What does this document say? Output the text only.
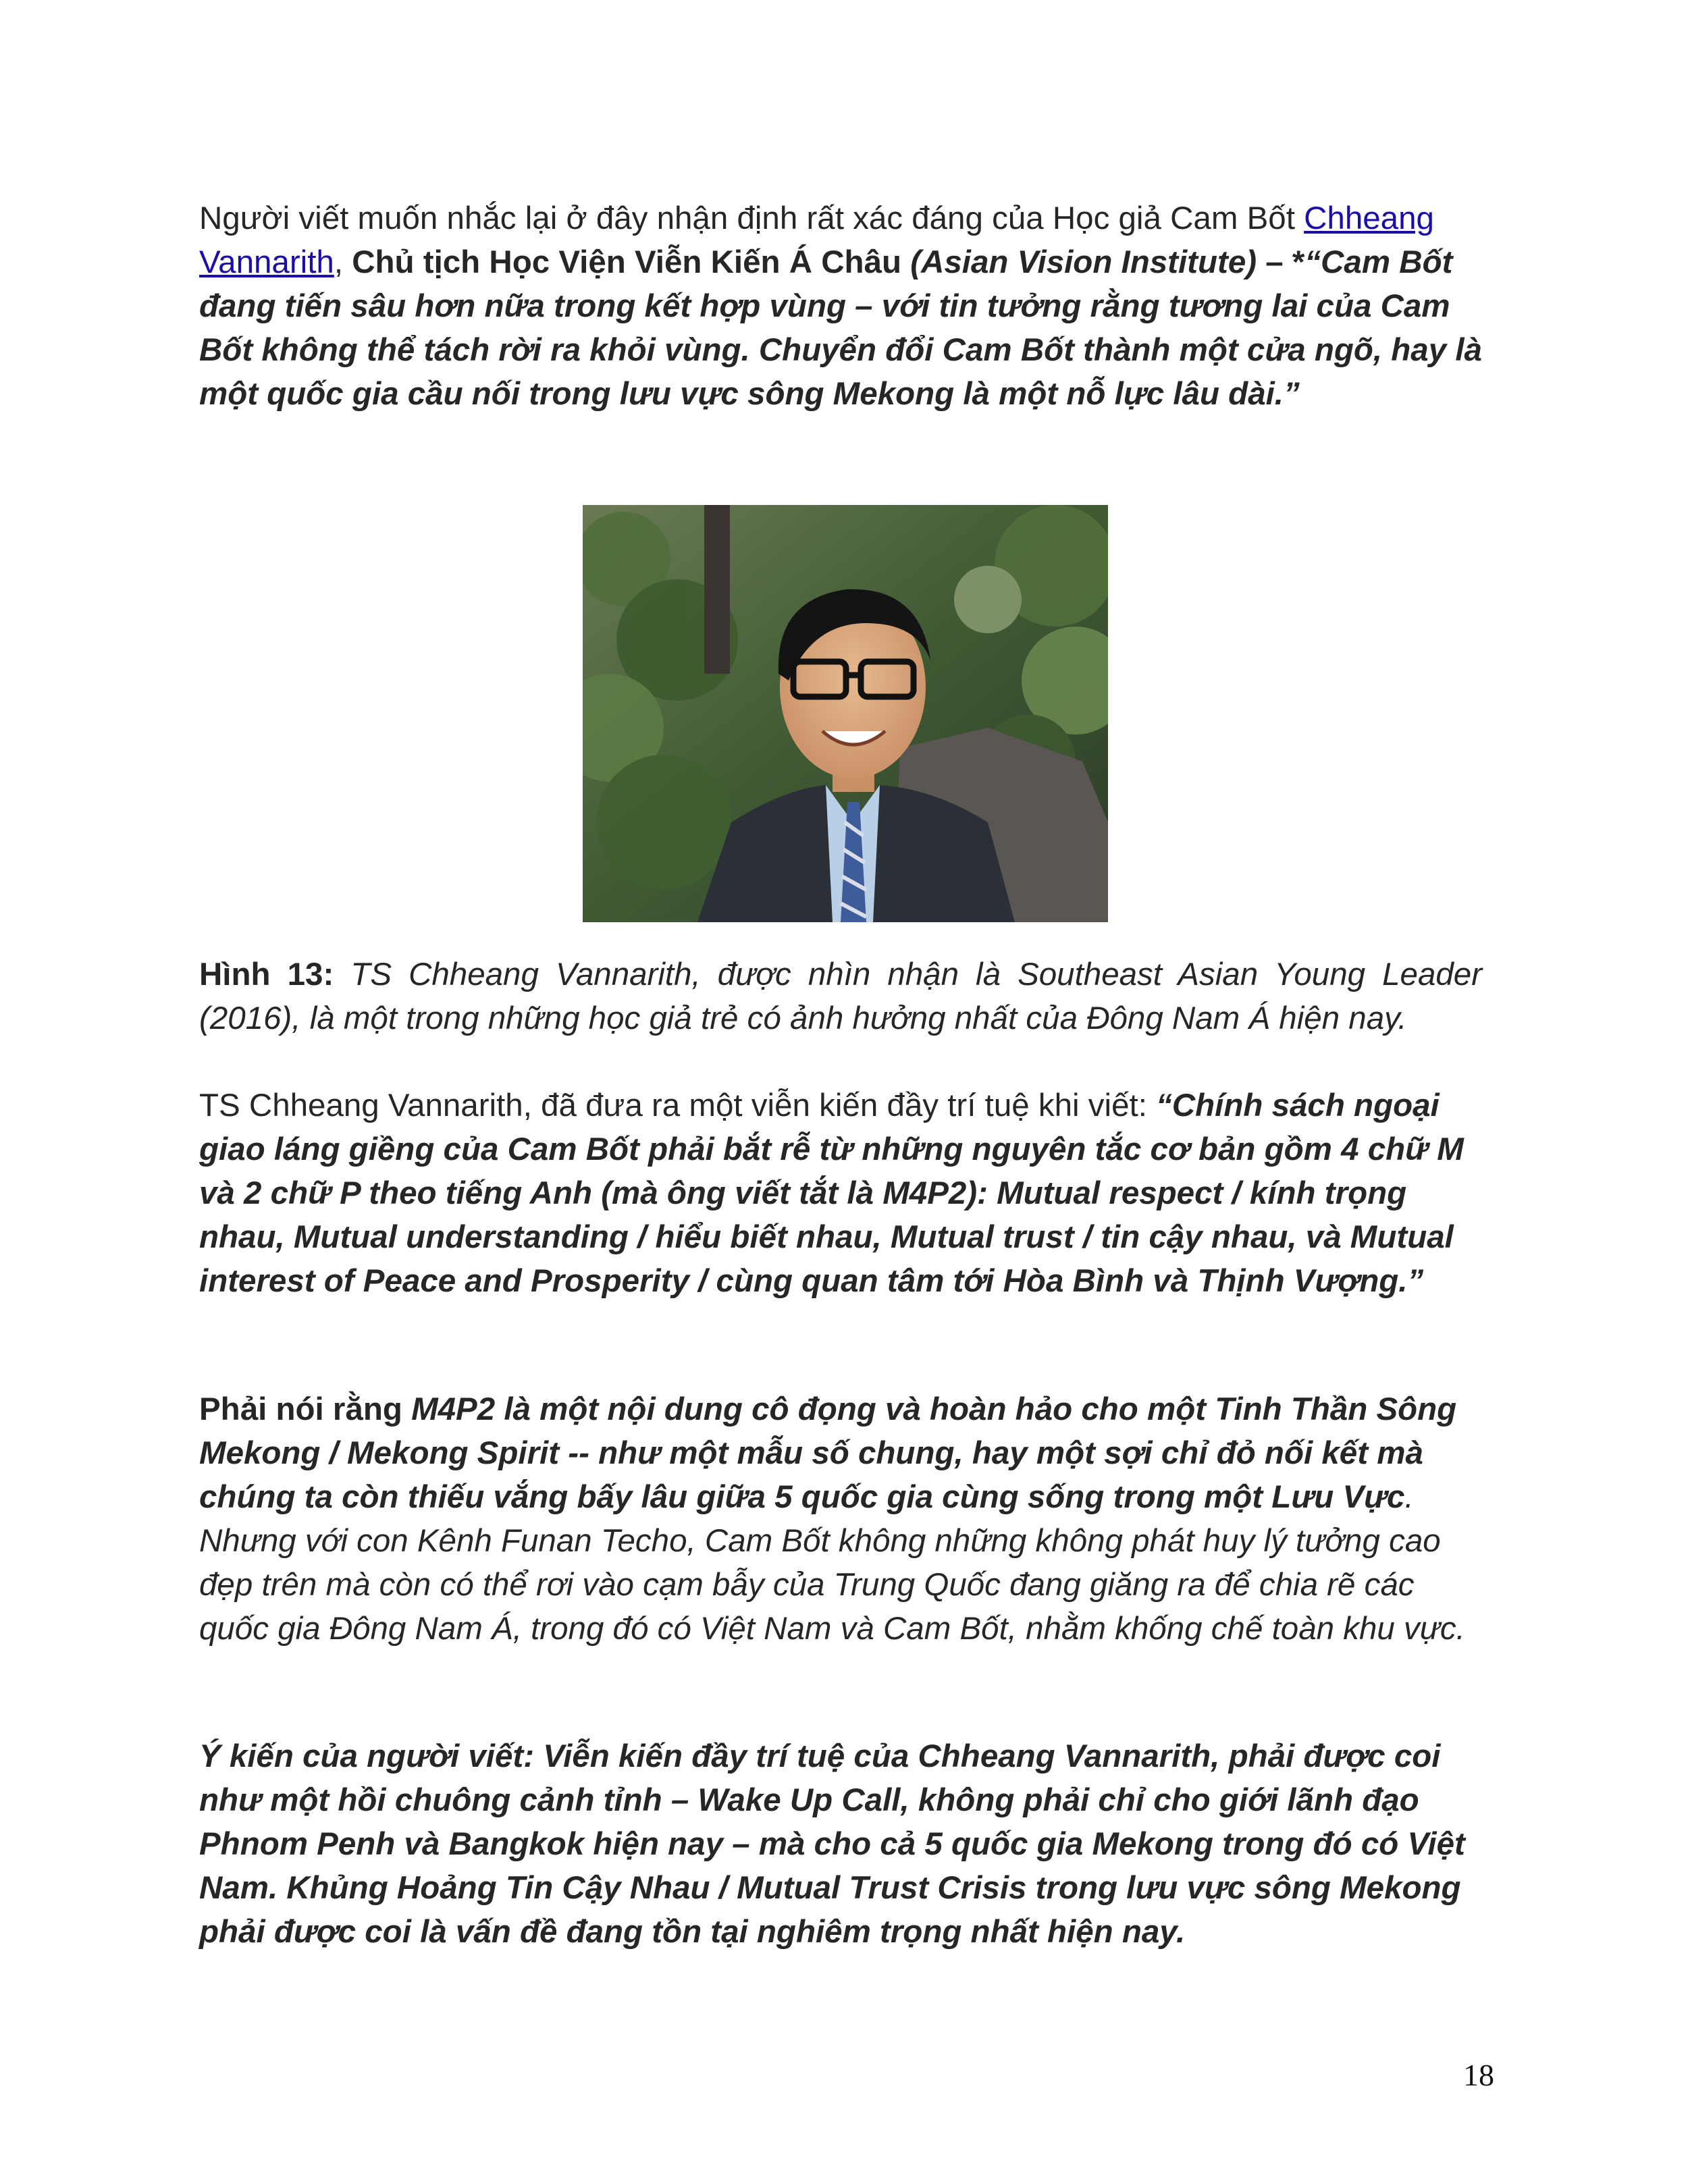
Người viết muốn nhắc lại ở đây nhận định rất xác đáng của Học giả Cam Bốt Chheang Vannarith, Chủ tịch Học Viện Viễn Kiến Á Châu (Asian Vision Institute) – *“Cam Bốt đang tiến sâu hơn nữa trong kết hợp vùng – với tin tưởng rằng tương lai của Cam Bốt không thể tách rời ra khỏi vùng. Chuyển đổi Cam Bốt thành một cửa ngõ, hay là một quốc gia cầu nối trong lưu vực sông Mekong là một nỗ lực lâu dài.”

Hình 13: TS Chheang Vannarith, được nhìn nhận là Southeast Asian Young Leader (2016), là một trong những học giả trẻ có ảnh hưởng nhất của Đông Nam Á hiện nay.

TS Chheang Vannarith, đã đưa ra một viễn kiến đầy trí tuệ khi viết: “Chính sách ngoại giao láng giềng của Cam Bốt phải bắt rễ từ những nguyên tắc cơ bản gồm 4 chữ M và 2 chữ P theo tiếng Anh (mà ông viết tắt là M4P2): Mutual respect / kính trọng nhau, Mutual understanding / hiểu biết nhau, Mutual trust / tin cậy nhau, và Mutual interest of Peace and Prosperity / cùng quan tâm tới Hòa Bình và Thịnh Vượng.”

Phải nói rằng M4P2 là một nội dung cô đọng và hoàn hảo cho một Tinh Thần Sông Mekong / Mekong Spirit -- như một mẫu số chung, hay một sợi chỉ đỏ nối kết mà chúng ta còn thiếu vắng bấy lâu giữa 5 quốc gia cùng sống trong một Lưu Vực. Nhưng với con Kênh Funan Techo, Cam Bốt không những không phát huy lý tưởng cao đẹp trên mà còn có thể rơi vào cạm bẫy của Trung Quốc đang giăng ra để chia rẽ các quốc gia Đông Nam Á, trong đó có Việt Nam và Cam Bốt, nhằm khống chế toàn khu vực.

Ý kiến của người viết: Viễn kiến đầy trí tuệ của Chheang Vannarith, phải được coi như một hồi chuông cảnh tỉnh – Wake Up Call, không phải chỉ cho giới lãnh đạo Phnom Penh và Bangkok hiện nay – mà cho cả 5 quốc gia Mekong trong đó có Việt Nam. Khủng Hoảng Tin Cậy Nhau / Mutual Trust Crisis trong lưu vực sông Mekong phải được coi là vấn đề đang tồn tại nghiêm trọng nhất hiện nay.

18
